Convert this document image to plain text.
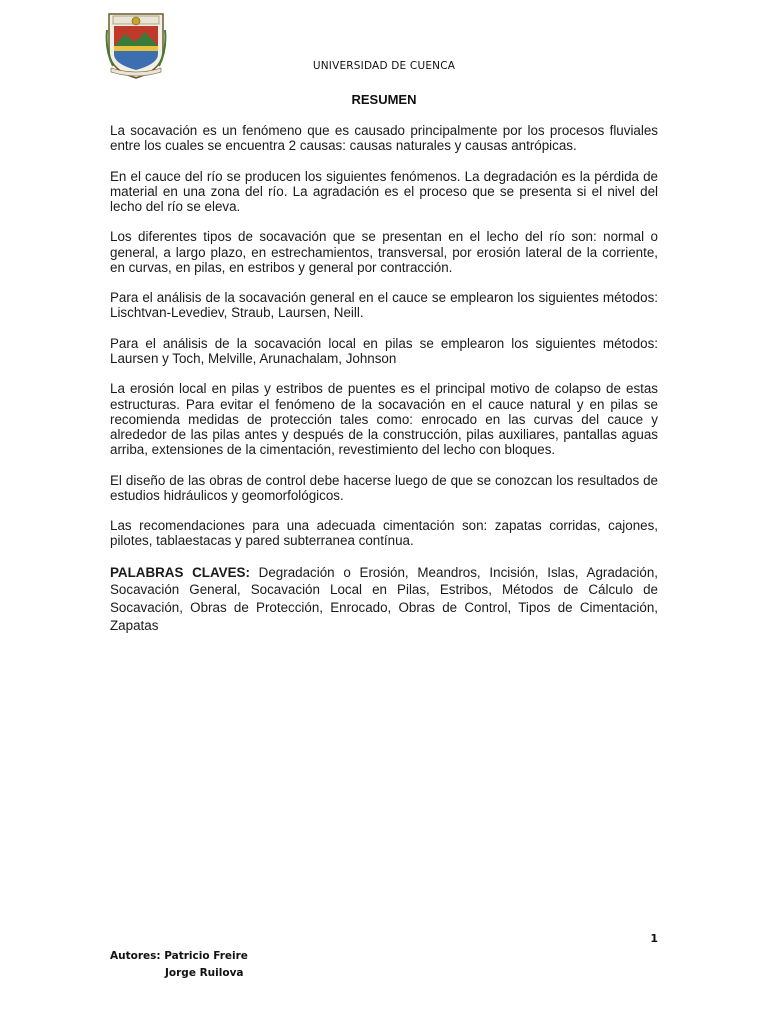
UNIVERSIDAD DE CUENCA
RESUMEN

La socavación es un fenómeno que es causado principalmente por los procesos fluviales entre los cuales se encuentra 2 causas: causas naturales y causas antrópicas.

En el cauce del río se producen los siguientes fenómenos. La degradación es la pérdida de material en una zona del río. La agradación es el proceso que se presenta si el nivel del lecho del río se eleva.

Los diferentes tipos de socavación que se presentan en el lecho del río son: normal o general, a largo plazo, en estrechamientos, transversal, por erosión lateral de la corriente, en curvas, en pilas, en estribos y general por contracción.

Para el análisis de la socavación general en el cauce se emplearon los siguientes métodos: Lischtvan-Levediev, Straub, Laursen, Neill.

Para el análisis de la socavación local en pilas se emplearon los siguientes métodos: Laursen y Toch, Melville, Arunachalam, Johnson

La erosión local en pilas y estribos de puentes es el principal motivo de colapso de estas estructuras. Para evitar el fenómeno de la socavación en el cauce natural y en pilas se recomienda medidas de protección tales como: enrocado en las curvas del cauce y alrededor de las pilas antes y después de la construcción, pilas auxiliares, pantallas aguas arriba, extensiones de la cimentación, revestimiento del lecho con bloques.

El diseño de las obras de control debe hacerse luego de que se conozcan los resultados de estudios hidráulicos y geomorfológicos.

Las recomendaciones para una adecuada cimentación son: zapatas corridas, cajones, pilotes, tablaestacas y pared subterranea contínua.

PALABRAS CLAVES: Degradación o Erosión, Meandros, Incisión, Islas, Agradación, Socavación General, Socavación Local en Pilas, Estribos, Métodos de Cálculo de Socavación, Obras de Protección, Enrocado, Obras de Control, Tipos de Cimentación, Zapatas

1
Autores: Patricio Freire
Jorge Ruilova
